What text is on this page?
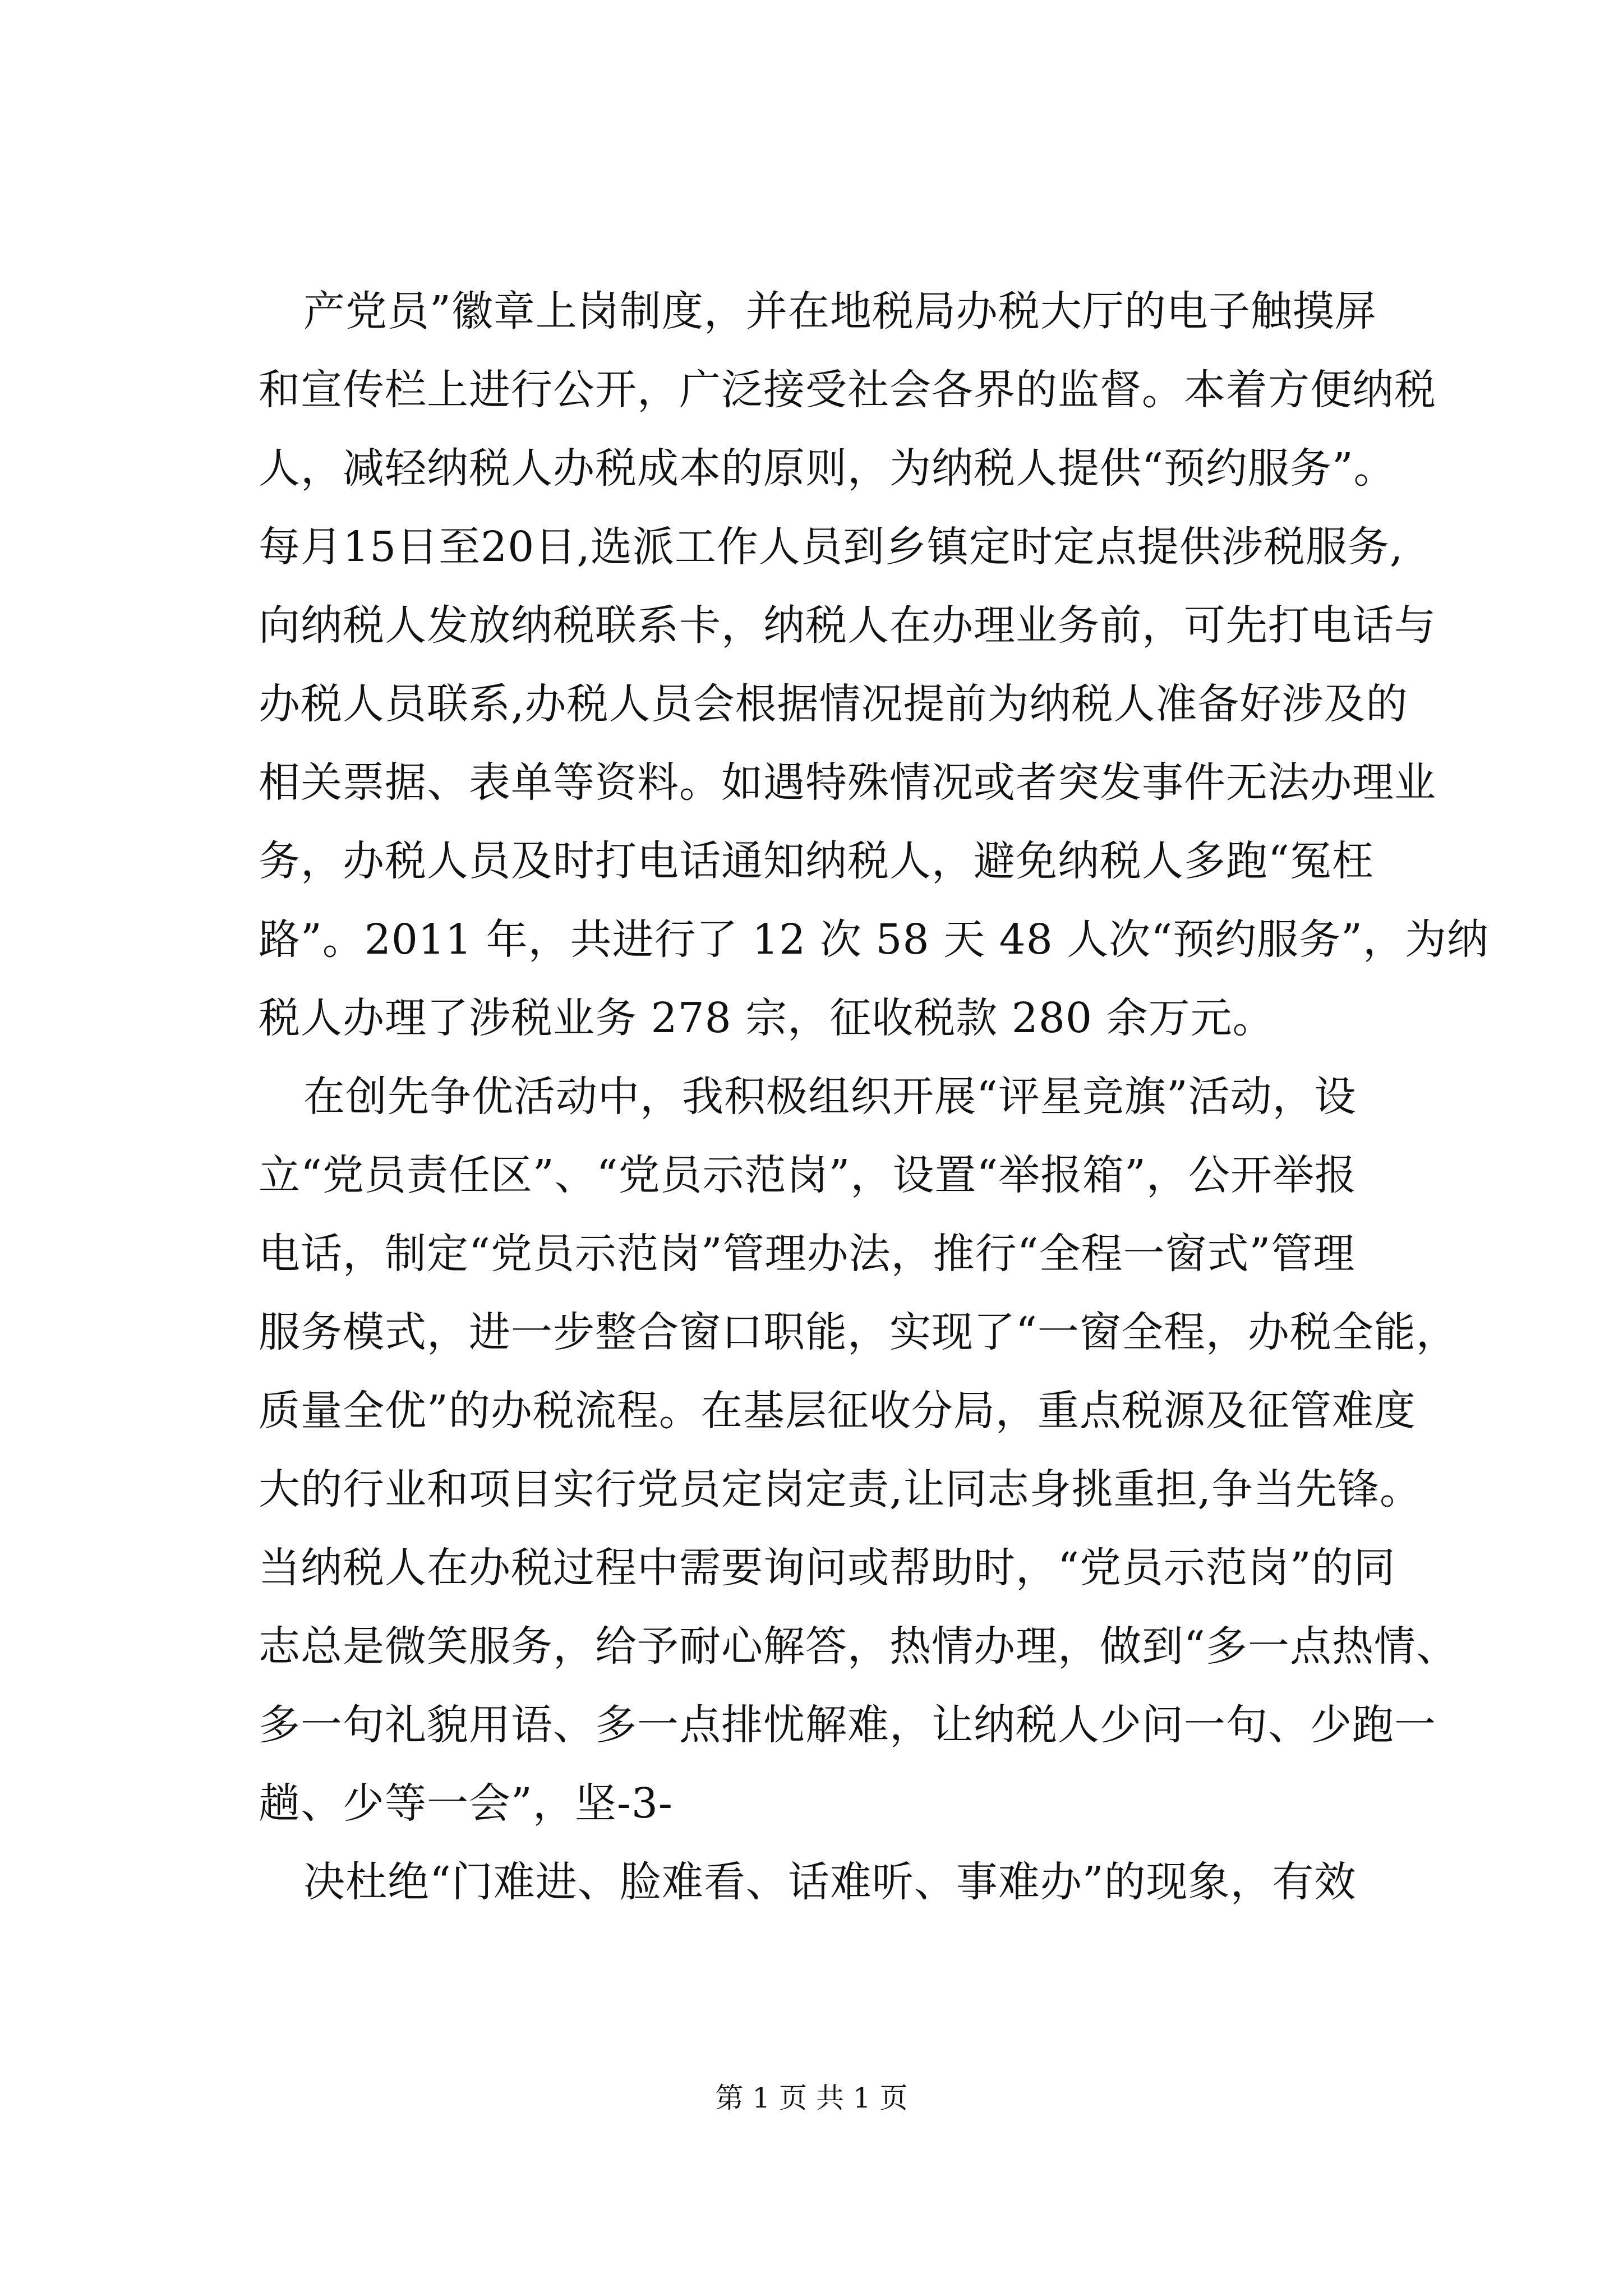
产党员”徽章上岗制度，并在地税局办税大厅的电子触摸屏
和宣传栏上进行公开，广泛接受社会各界的监督。本着方便纳税
人，减轻纳税人办税成本的原则，为纳税人提供“预约服务”。
每月15日至20日,选派工作人员到乡镇定时定点提供涉税服务,
向纳税人发放纳税联系卡，纳税人在办理业务前，可先打电话与
办税人员联系,办税人员会根据情况提前为纳税人准备好涉及的
相关票据、表单等资料。如遇特殊情况或者突发事件无法办理业
务，办税人员及时打电话通知纳税人，避免纳税人多跑“冤枉
路”。2011 年，共进行了 12 次 58 天 48 人次“预约服务”，为纳
税人办理了涉税业务 278 宗，征收税款 280 余万元。
在创先争优活动中，我积极组织开展“评星竞旗”活动，设
立“党员责任区”、“党员示范岗”，设置“举报箱”，公开举报
电话，制定“党员示范岗”管理办法，推行“全程一窗式”管理
服务模式，进一步整合窗口职能，实现了“一窗全程，办税全能，
质量全优”的办税流程。在基层征收分局，重点税源及征管难度
大的行业和项目实行党员定岗定责,让同志身挑重担,争当先锋。
当纳税人在办税过程中需要询问或帮助时，“党员示范岗”的同
志总是微笑服务，给予耐心解答，热情办理，做到“多一点热情、
多一句礼貌用语、多一点排忧解难，让纳税人少问一句、少跑一
趟、少等一会”，坚-3-
决杜绝“门难进、脸难看、话难听、事难办”的现象，有效
第 1 页 共 1 页
